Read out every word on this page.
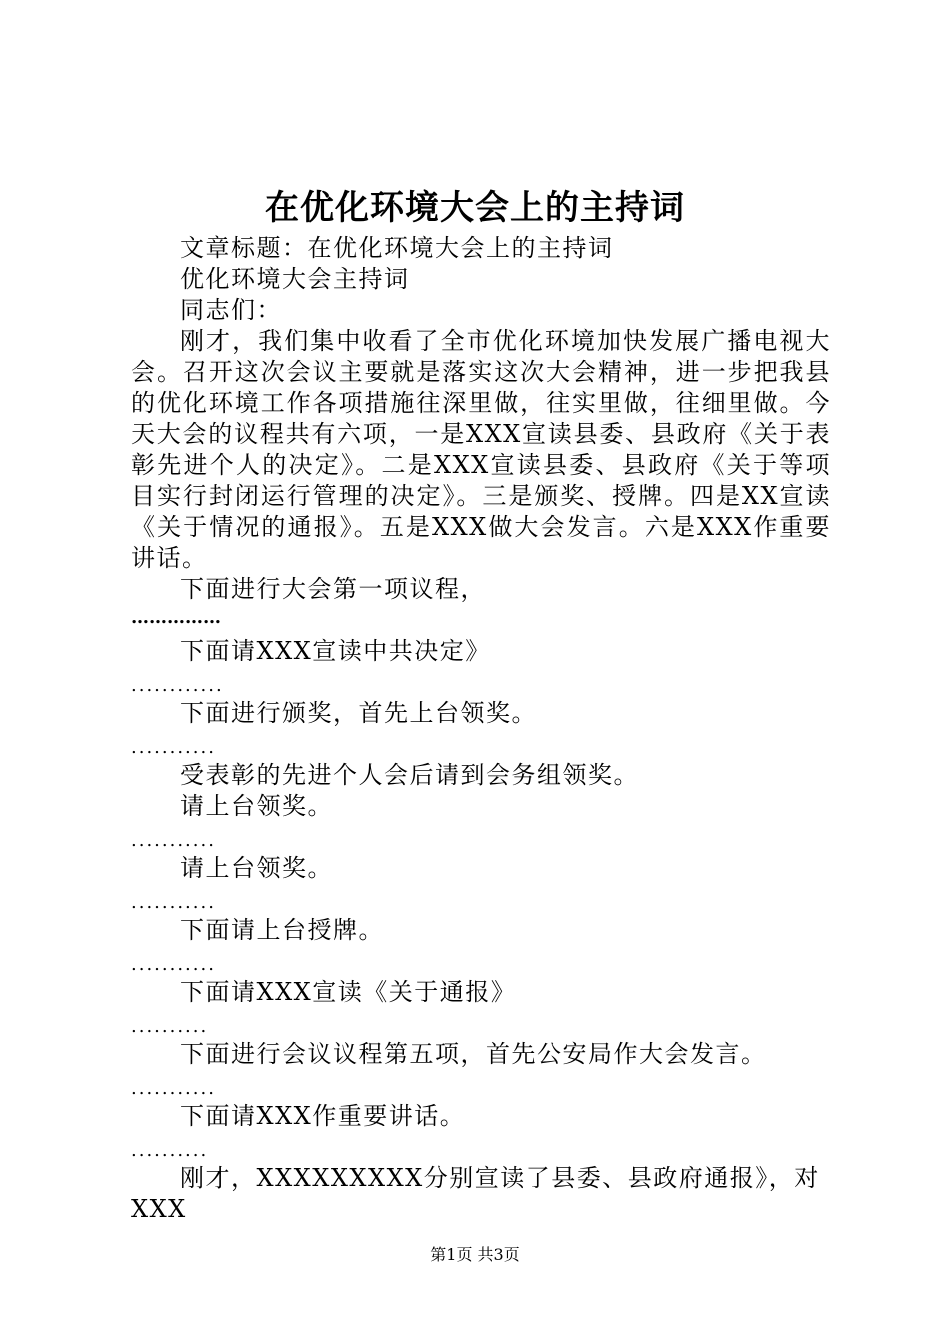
在优化环境大会上的主持词

文章标题：在优化环境大会上的主持词

优化环境大会主持词

同志们：

刚才，我们集中收看了全市优化环境加快发展广播电视大会。召开这次会议主要就是落实这次大会精神，进一步把我县的优化环境工作各项措施往深里做，往实里做，往细里做。今天大会的议程共有六项，一是XXX宣读县委、县政府《关于表彰先进个人的决定》。二是XXX宣读县委、县政府《关于等项目实行封闭运行管理的决定》。三是颁奖、授牌。四是XX宣读《关于情况的通报》。五是XXX做大会发言。六是XXX作重要讲话。

下面进行大会第一项议程，

……………

下面请XXX宣读中共决定》

............

下面进行颁奖，首先上台领奖。

...........

受表彰的先进个人会后请到会务组领奖。

请上台领奖。

...........

请上台领奖。

...........

下面请上台授牌。

...........

下面请XXX宣读《关于通报》

..........

下面进行会议议程第五项，首先公安局作大会发言。

...........

下面请XXX作重要讲话。

..........

刚才，XXXXXXXXX分别宣读了县委、县政府通报》，对XXX

第1页 共3页
